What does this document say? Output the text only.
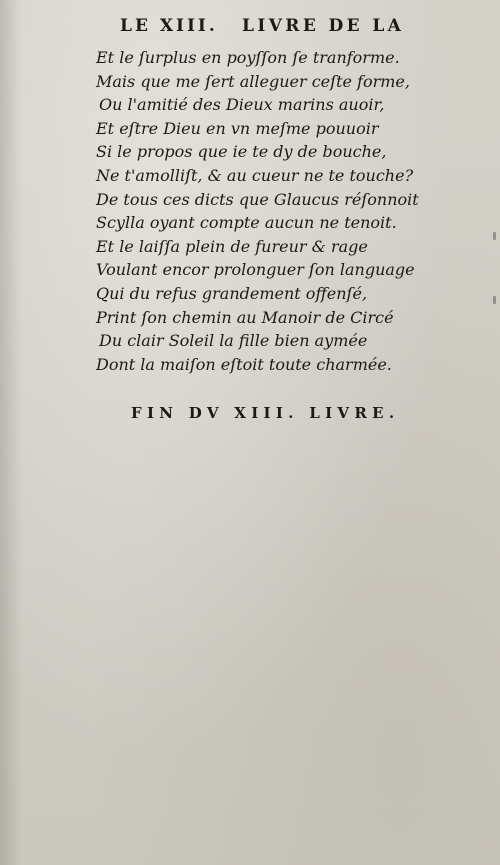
LE XIII. LIVRE DE LA
Et le ſurplus en poyſſon ſe tranforme.
Mais que me ſert alleguer ceſte forme,
Ou l'amitié des Dieux marins auoir,
Et eſtre Dieu en vn meſme pouuoir
Si le propos que ie te dy de bouche,
Ne t'amolliſt, & au cueur ne te touche?
De tous ces dicts que Glaucus réſonnoit
Scylla oyant compte aucun ne tenoit.
Et le laiſſa plein de fureur & rage
Voulant encor prolonguer ſon language
Qui du refus grandement offenſé,
Print ſon chemin au Manoir de Circé
Du clair Soleil la fille bien aymée
Dont la maiſon eſtoit toute charmée.
FIN DV XIII. LIVRE.
